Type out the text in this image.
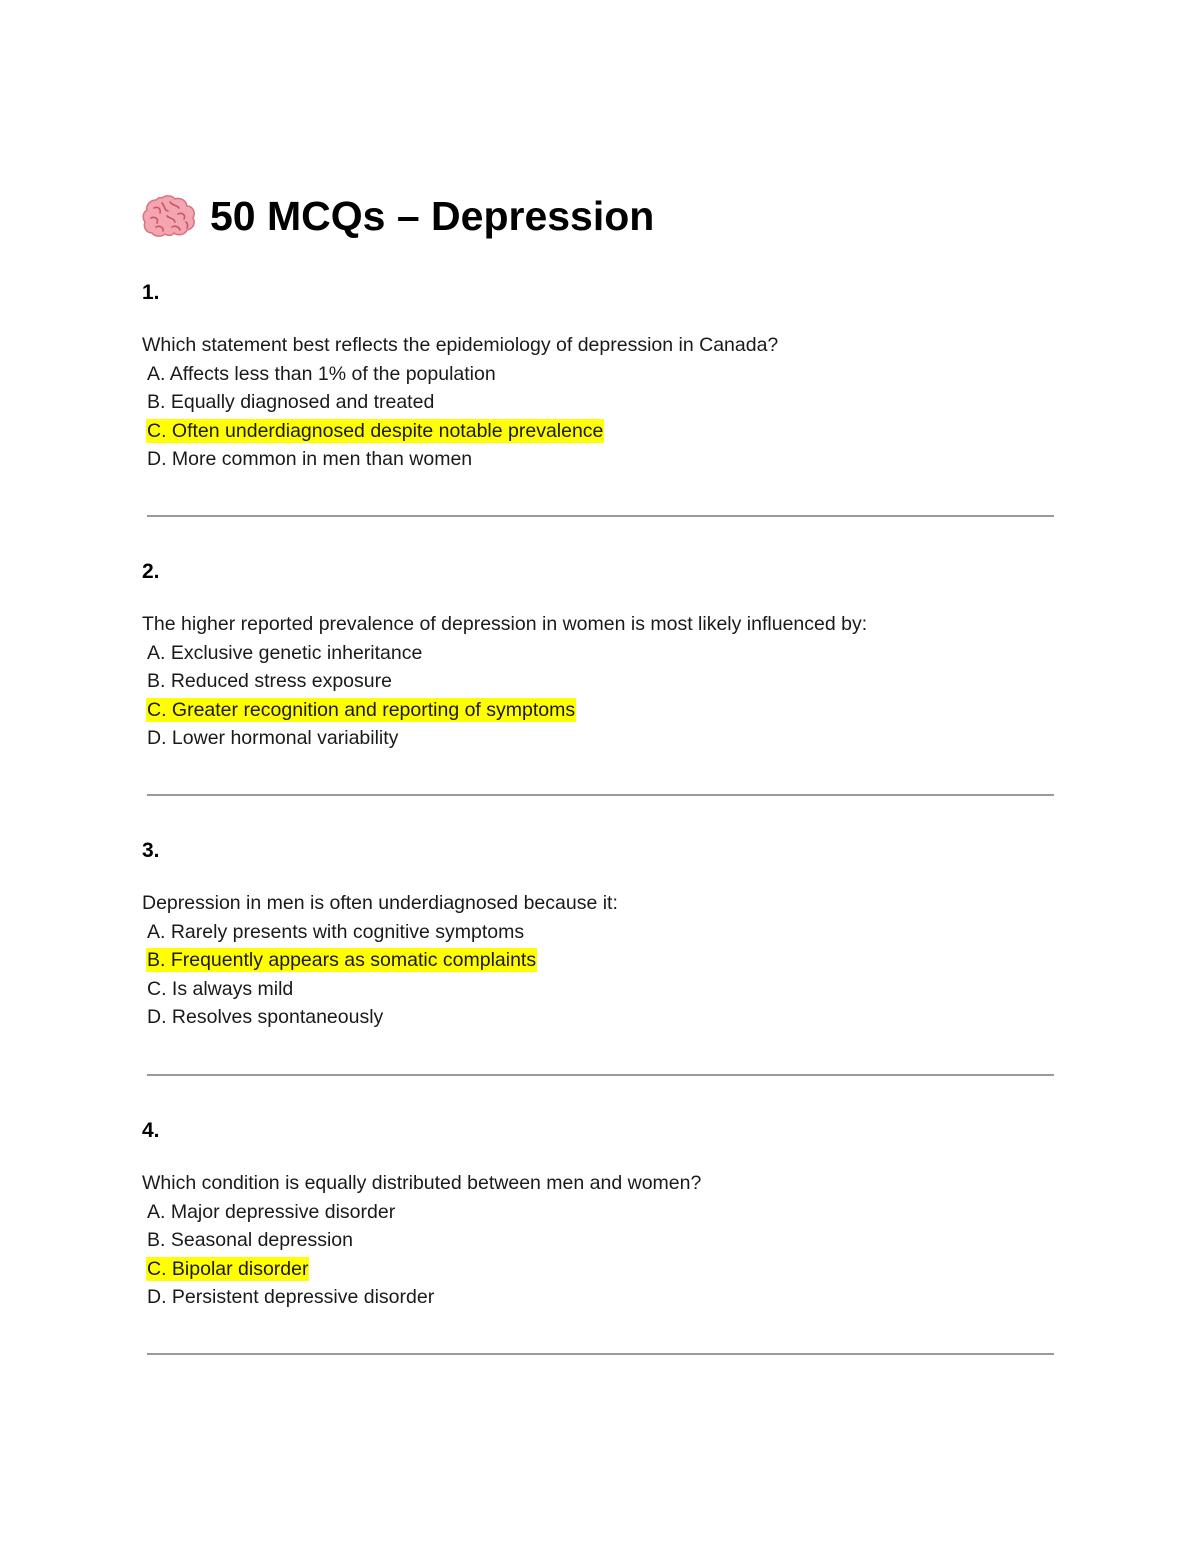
50 MCQs – Depression
1.
Which statement best reflects the epidemiology of depression in Canada?
A. Affects less than 1% of the population
B. Equally diagnosed and treated
C. Often underdiagnosed despite notable prevalence
D. More common in men than women
2.
The higher reported prevalence of depression in women is most likely influenced by:
A. Exclusive genetic inheritance
B. Reduced stress exposure
C. Greater recognition and reporting of symptoms
D. Lower hormonal variability
3.
Depression in men is often underdiagnosed because it:
A. Rarely presents with cognitive symptoms
B. Frequently appears as somatic complaints
C. Is always mild
D. Resolves spontaneously
4.
Which condition is equally distributed between men and women?
A. Major depressive disorder
B. Seasonal depression
C. Bipolar disorder
D. Persistent depressive disorder
